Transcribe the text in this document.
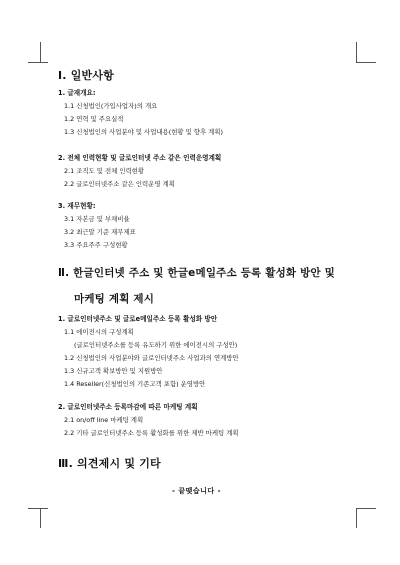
Ⅰ. 일반사항
1. 글재개요:
1.1 신청법인(가입사업자)의 개요
1.2 연혁 및 주요실적
1.3 신청법인의 사업분야 및 사업내용(현황 및 향후 계획)
2. 전체 인력현황 및 글로인터넷 주소 같은 인력운영계획
2.1 조직도 및 전체 인력현황
2.2 글로인터넷주소 같은 인력운영 계획
3. 재무현황:
3.1 자본금 및 부채비율
3.2 최근말 기준 재무제표
3.3 주요주주 구성현황
Ⅱ. 한글인터넷 주소 및 한글e메일주소 등록 활성화 방안 및
마케팅 계획 제시
1. 글로인터넷주소 및 글로e메일주소 등록 활성화 방안
1.1 에이전시의 구성계획
(글로인터넷주소를 등록 유도하기 위한 에이전시의 구성안)
1.2 신청법인의 사업분야와 글로인터넷주소 사업과의 연계방안
1.3 신규고객 확보방안 및 지원방안
1.4 Reseller(신청법인의 기존고객 포함) 운영방안
2. 글로인터넷주소 등록마감에 따른 마케팅 계획
2.1 on/off line 마케팅 계획
2.2 기타 글로인터넷주소 등록 활성화를 위한 제반 마케팅 계획
Ⅲ. 의견제시 및 기타
- 끝맺습니다 -
